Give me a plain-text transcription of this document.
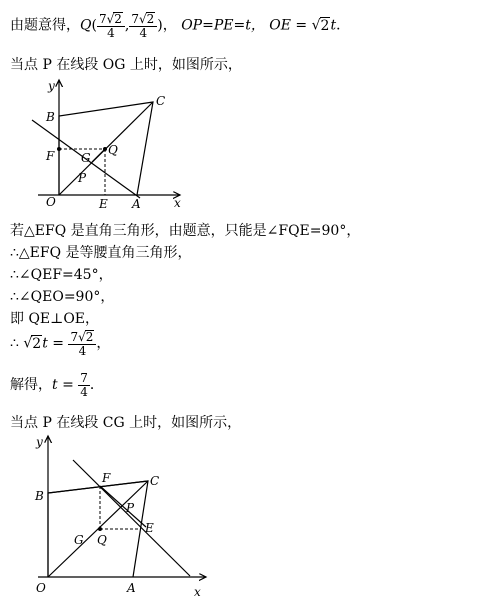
由题意得，$Q( \frac{7√2}{4}$ , $\frac{7√2}{4}$ )， OP=PE=t， OE = √2t．
当点 P 在线段 OG 上时，如图所示，
y
x
O	A
B
C
E
F G
P
Q
若△EFQ 是直角三角形，由题意，只能是∠FQE=90°，
∴△EFQ 是等腰直角三角形，
∴∠QEF=45°，
∴∠QEO=90°，
即 QE⊥OE，
∴ $√2t = \frac{7√2}{4}$ ，
解得，$t = \frac{7}{4}$ ．
当点 P 在线段 CG 上时，如图所示，
y
x
O	A
B
C
E
F
G
P
Q
